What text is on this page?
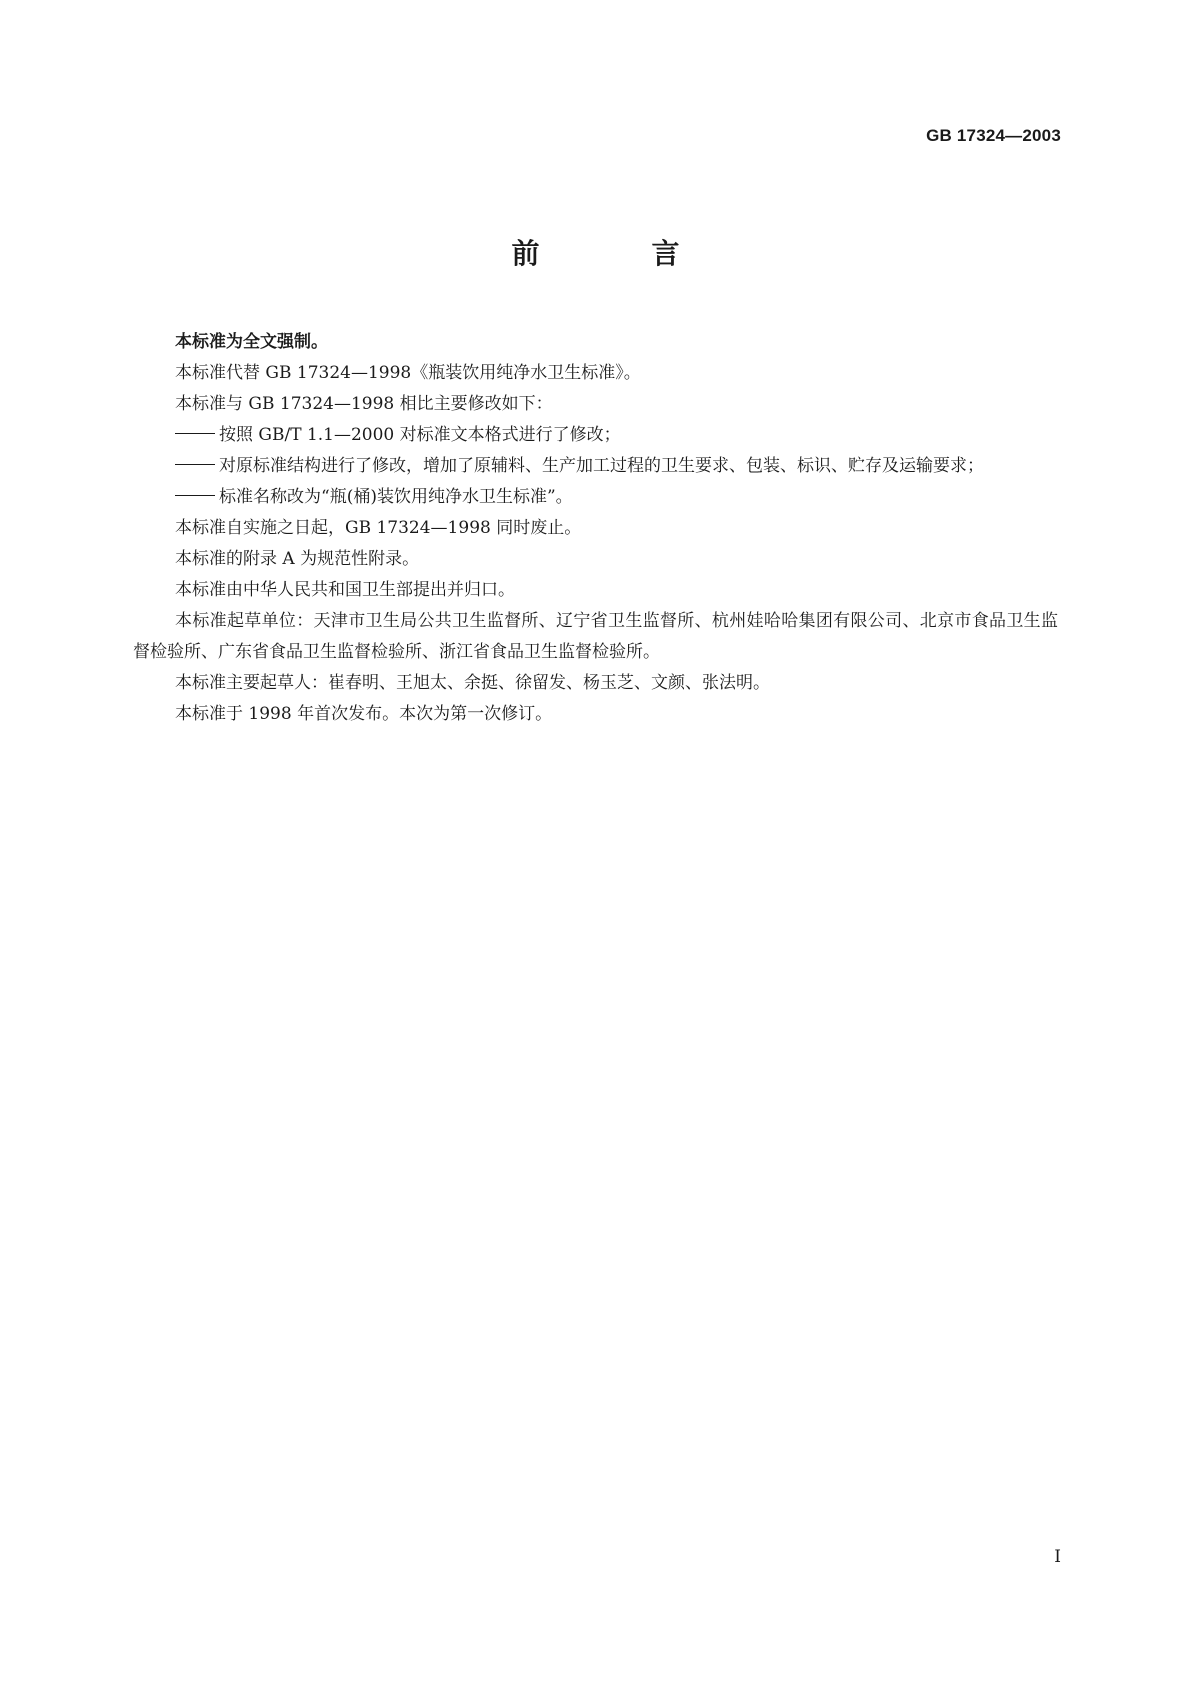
GB 17324—2003
前　言

本标准为全文强制。

本标准代替 GB 17324—1998《瓶装饮用纯净水卫生标准》。

本标准与 GB 17324—1998 相比主要修改如下：

按照 GB/T 1.1—2000 对标准文本格式进行了修改；
对原标准结构进行了修改，增加了原辅料、生产加工过程的卫生要求、包装、标识、贮存及运输要求；
标准名称改为“瓶(桶)装饮用纯净水卫生标准”。

本标准自实施之日起，GB 17324—1998 同时废止。

本标准的附录 A 为规范性附录。

本标准由中华人民共和国卫生部提出并归口。

本标准起草单位：天津市卫生局公共卫生监督所、辽宁省卫生监督所、杭州娃哈哈集团有限公司、北京市食品卫生监督检验所、广东省食品卫生监督检验所、浙江省食品卫生监督检验所。

本标准主要起草人：崔春明、王旭太、余挺、徐留发、杨玉芝、文颜、张法明。

本标准于 1998 年首次发布。本次为第一次修订。

I
